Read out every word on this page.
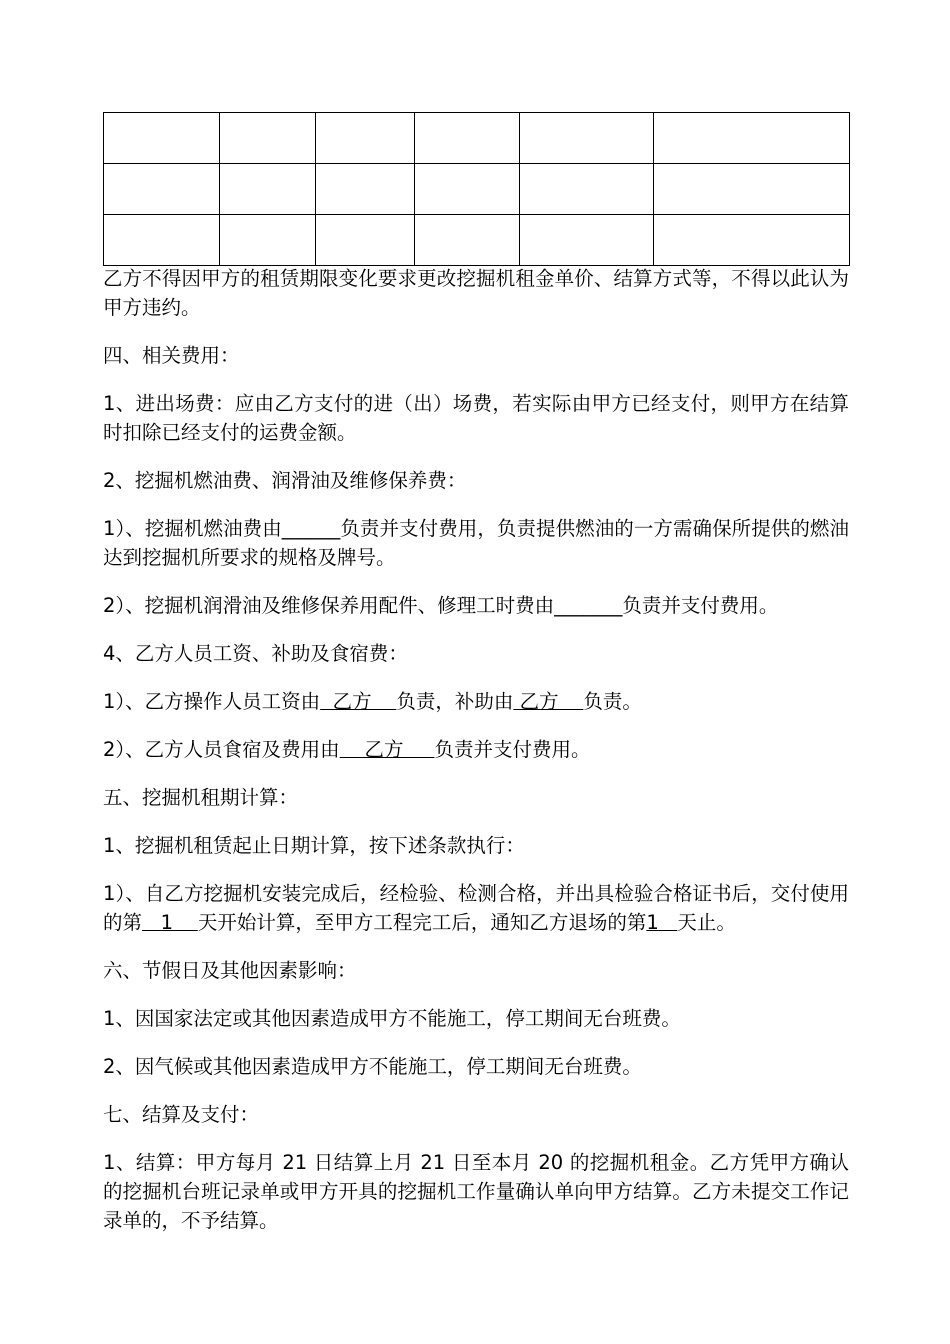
乙方不得因甲方的租赁期限变化要求更改挖掘机租金单价、结算方式等，不得以此认为甲方违约。

四、相关费用：

1、进出场费：应由乙方支付的进（出）场费，若实际由甲方已经支付，则甲方在结算时扣除已经支付的运费金额。

2、挖掘机燃油费、润滑油及维修保养费：

1）、挖掘机燃油费由______负责并支付费用，负责提供燃油的一方需确保所提供的燃油达到挖掘机所要求的规格及牌号。

2）、挖掘机润滑油及维修保养用配件、修理工时费由_______负责并支付费用。

4、乙方人员工资、补助及食宿费：

1）、乙方操作人员工资由  乙方    负责，补助由 乙方    负责。

2）、乙方人员食宿及费用由    乙方     负责并支付费用。

五、挖掘机租期计算：

1、挖掘机租赁起止日期计算，按下述条款执行：

1）、自乙方挖掘机安装完成后，经检验、检测合格，并出具检验合格证书后，交付使用的第   1    天开始计算，至甲方工程完工后，通知乙方退场的第1   天止。

六、节假日及其他因素影响：

1、因国家法定或其他因素造成甲方不能施工，停工期间无台班费。

2、因气候或其他因素造成甲方不能施工，停工期间无台班费。

七、结算及支付：

1、结算：甲方每月 21 日结算上月 21 日至本月 20 的挖掘机租金。乙方凭甲方确认的挖掘机台班记录单或甲方开具的挖掘机工作量确认单向甲方结算。乙方未提交工作记录单的，不予结算。
